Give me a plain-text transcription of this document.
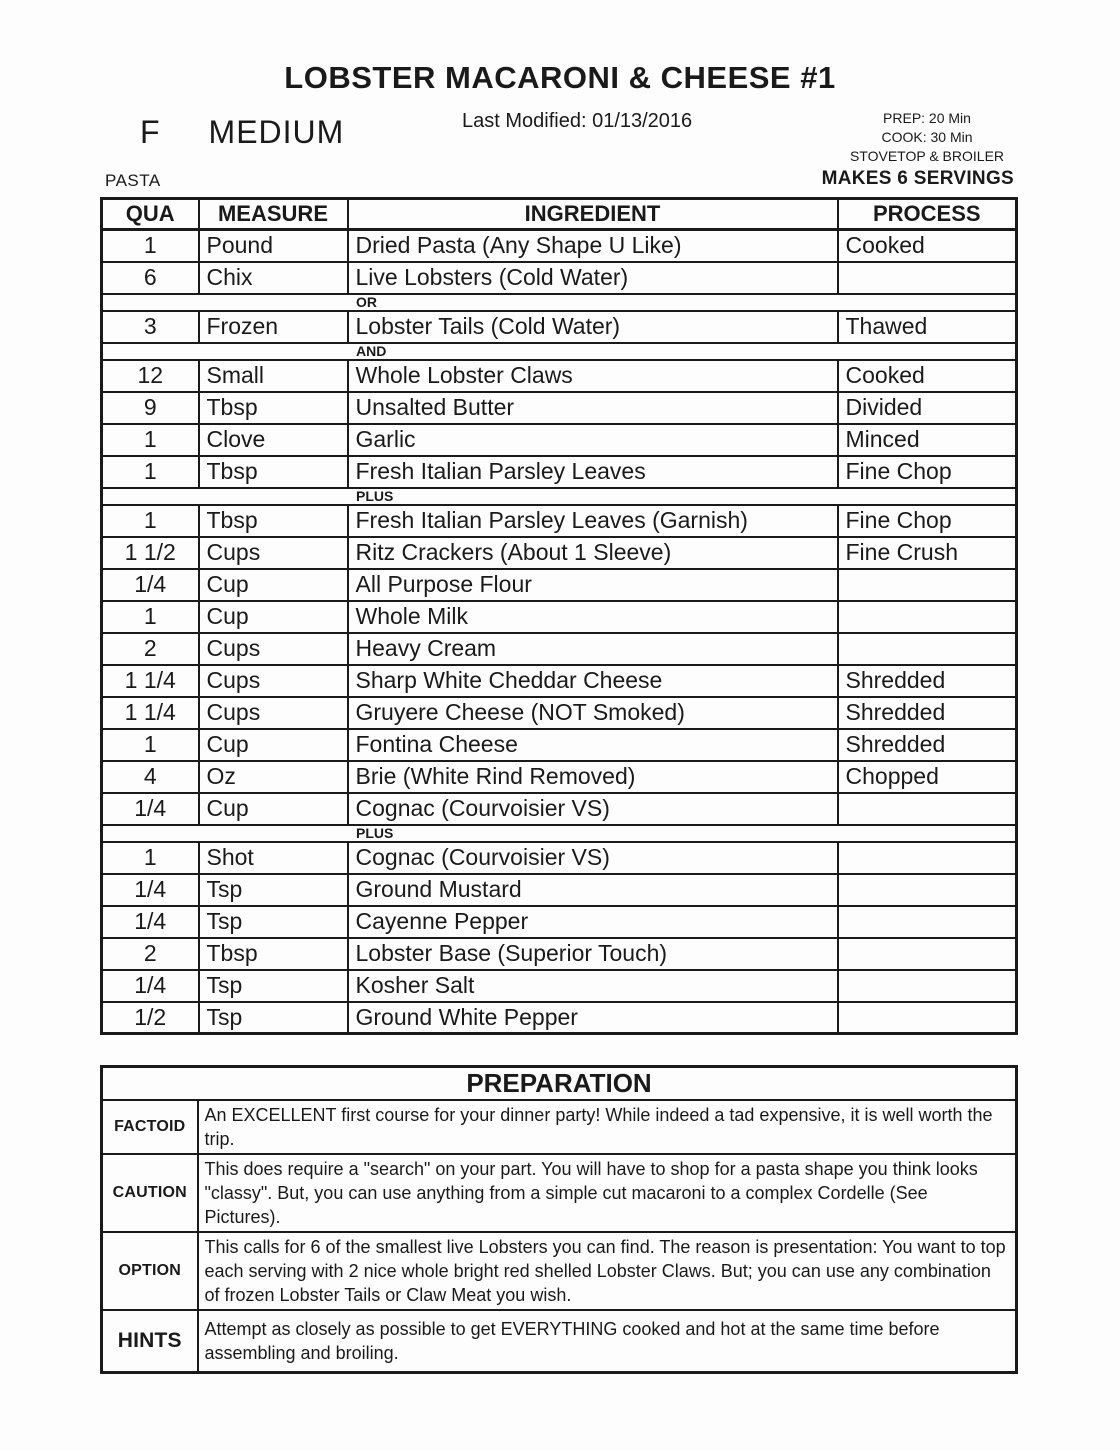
LOBSTER MACARONI & CHEESE #1
F MEDIUM	Last Modified: 01/13/2016	PREP: 20 Min
COOK: 30 Min
STOVETOP & BROILER
PASTA	MAKES 6 SERVINGS
QUA	MEASURE	INGREDIENT	PROCESS
1	Pound	Dried Pasta (Any Shape U Like)	Cooked
6	Chix	Live Lobsters (Cold Water)	
OR			
3	Frozen	Lobster Tails (Cold Water)	Thawed
AND			
12	Small	Whole Lobster Claws	Cooked
9	Tbsp	Unsalted Butter	Divided
1	Clove	Garlic	Minced
1	Tbsp	Fresh Italian Parsley Leaves	Fine Chop
PLUS			
1	Tbsp	Fresh Italian Parsley Leaves (Garnish)	Fine Chop
1 1/2	Cups	Ritz Crackers (About 1 Sleeve)	Fine Crush
1/4	Cup	All Purpose Flour	
1	Cup	Whole Milk	
2	Cups	Heavy Cream	
1 1/4	Cups	Sharp White Cheddar Cheese	Shredded
1 1/4	Cups	Gruyere Cheese (NOT Smoked)	Shredded
1	Cup	Fontina Cheese	Shredded
4	Oz	Brie (White Rind Removed)	Chopped
1/4	Cup	Cognac (Courvoisier VS)	
PLUS			
1	Shot	Cognac (Courvoisier VS)	
1/4	Tsp	Ground Mustard	
1/4	Tsp	Cayenne Pepper	
2	Tbsp	Lobster Base (Superior Touch)	
1/4	Tsp	Kosher Salt	
1/2	Tsp	Ground White Pepper	
PREPARATION	
FACTOID	An EXCELLENT first course for your dinner party! While indeed a tad expensive, it is well worth the trip.
CAUTION	This does require a "search" on your part. You will have to shop for a pasta shape you think looks "classy". But, you can use anything from a simple cut macaroni to a complex Cordelle (See Pictures).
OPTION	This calls for 6 of the smallest live Lobsters you can find. The reason is presentation: You want to top each serving with 2 nice whole bright red shelled Lobster Claws. But; you can use any combination of frozen Lobster Tails or Claw Meat you wish.
HINTS	Attempt as closely as possible to get EVERYTHING cooked and hot at the same time before assembling and broiling.
